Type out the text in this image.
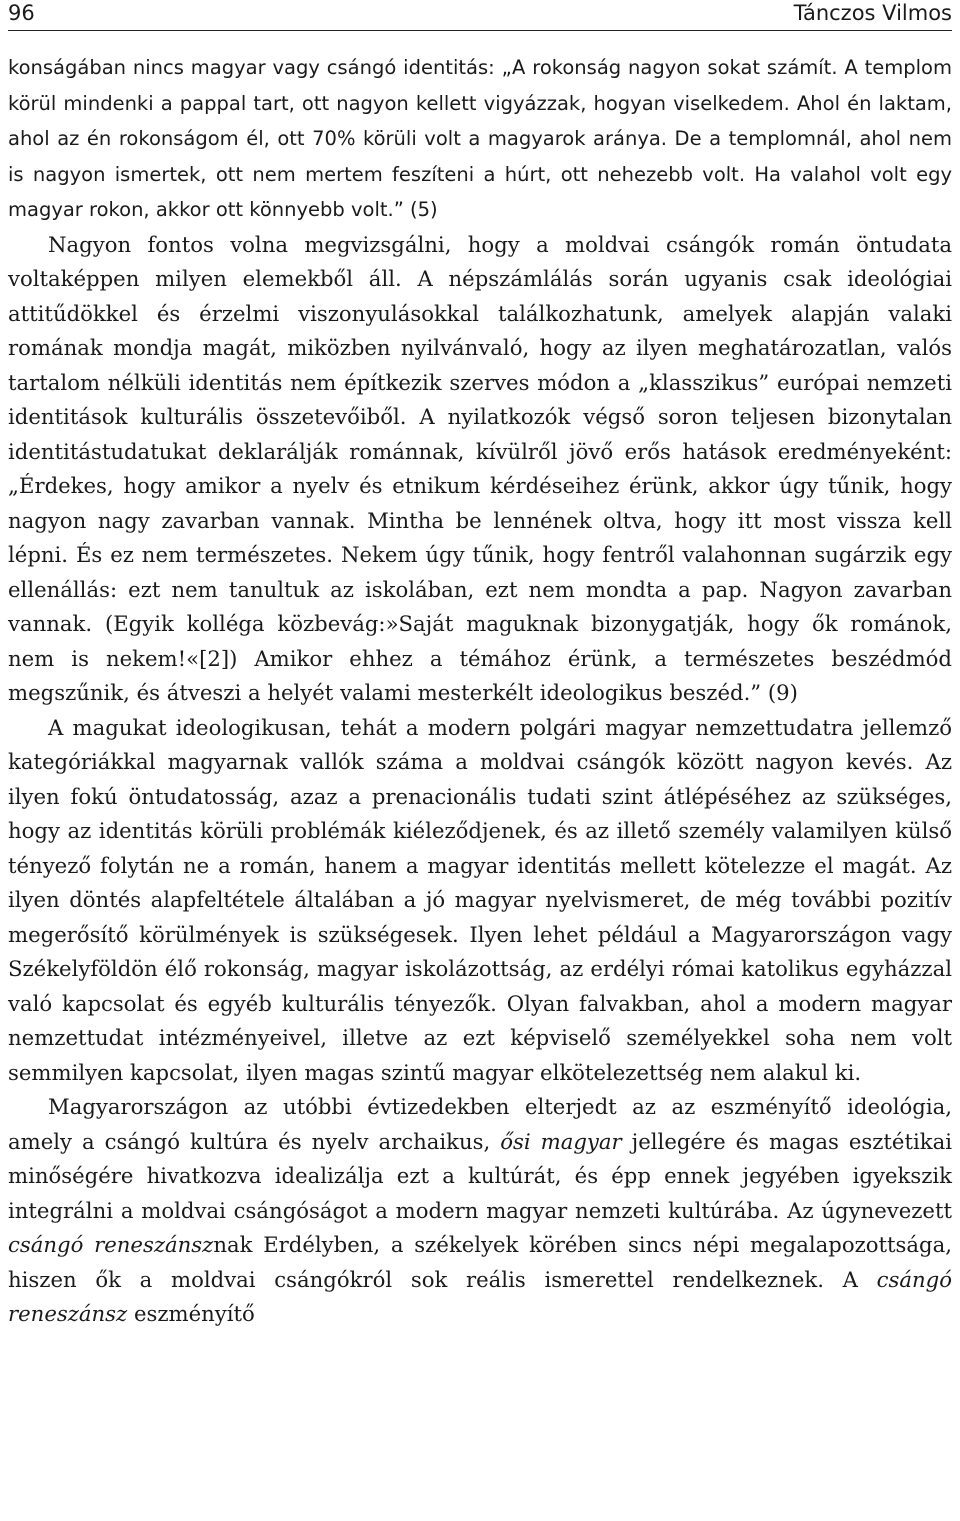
96	Tánczos Vilmos

konságában nincs magyar vagy csángó identitás: „A rokonság nagyon sokat számít. A templom körül mindenki a pappal tart, ott nagyon kellett vigyázzak, hogyan viselkedem. Ahol én laktam, ahol az én rokonságom él, ott 70% körüli volt a magyarok aránya. De a templomnál, ahol nem is nagyon ismertek, ott nem mertem feszíteni a húrt, ott nehezebb volt. Ha valahol volt egy magyar rokon, akkor ott könnyebb volt.” (5)

Nagyon fontos volna megvizsgálni, hogy a moldvai csángók román öntudata voltaképpen milyen elemekből áll. A népszámlálás során ugyanis csak ideológiai attitűdökkel és érzelmi viszonyulásokkal találkozhatunk, amelyek alapján valaki romának mondja magát, miközben nyilvánvaló, hogy az ilyen meghatározatlan, valós tartalom nélküli identitás nem építkezik szerves módon a „klasszikus” európai nemzeti identitások kulturális összetevőiből. A nyilatkozók végső soron teljesen bizonytalan identitástudatukat deklarálják románnak, kívülről jövő erős hatások eredményeként: „Érdekes, hogy amikor a nyelv és etnikum kérdéseihez érünk, akkor úgy tűnik, hogy nagyon nagy zavarban vannak. Mintha be lennének oltva, hogy itt most vissza kell lépni. És ez nem természetes. Nekem úgy tűnik, hogy fentről valahonnan sugárzik egy ellenállás: ezt nem tanultuk az iskolában, ezt nem mondta a pap. Nagyon zavarban vannak. (Egyik kolléga közbevág:»Saját maguknak bizonygatják, hogy ők románok, nem is nekem!«[2]) Amikor ehhez a témához érünk, a természetes beszédmód megszűnik, és átveszi a helyét valami mesterkélt ideologikus beszéd.” (9)

A magukat ideologikusan, tehát a modern polgári magyar nemzettudatra jellemző kategóriákkal magyarnak vallók száma a moldvai csángók között nagyon kevés. Az ilyen fokú öntudatosság, azaz a prenacionális tudati szint átlépéséhez az szükséges, hogy az identitás körüli problémák kiéleződjenek, és az illető személy valamilyen külső tényező folytán ne a román, hanem a magyar identitás mellett kötelezze el magát. Az ilyen döntés alapfeltétele általában a jó magyar nyelvismeret, de még további pozitív megerősítő körülmények is szükségesek. Ilyen lehet például a Magyarországon vagy Székelyföldön élő rokonság, magyar iskolázottság, az erdélyi római katolikus egyházzal való kapcsolat és egyéb kulturális tényezők. Olyan falvakban, ahol a modern magyar nemzettudat intézményeivel, illetve az ezt képviselő személyekkel soha nem volt semmilyen kapcsolat, ilyen magas szintű magyar elkötelezettség nem alakul ki.

Magyarországon az utóbbi évtizedekben elterjedt az az eszményítő ideológia, amely a csángó kultúra és nyelv archaikus, ősi magyar jellegére és magas esztétikai minőségére hivatkozva idealizálja ezt a kultúrát, és épp ennek jegyében igyekszik integrálni a moldvai csángóságot a modern magyar nemzeti kultúrába. Az úgynevezett csángó reneszánsznak Erdélyben, a székelyek körében sincs népi megalapozottsága, hiszen ők a moldvai csángókról sok reális ismerettel rendelkeznek. A csángó reneszánsz eszményítő
